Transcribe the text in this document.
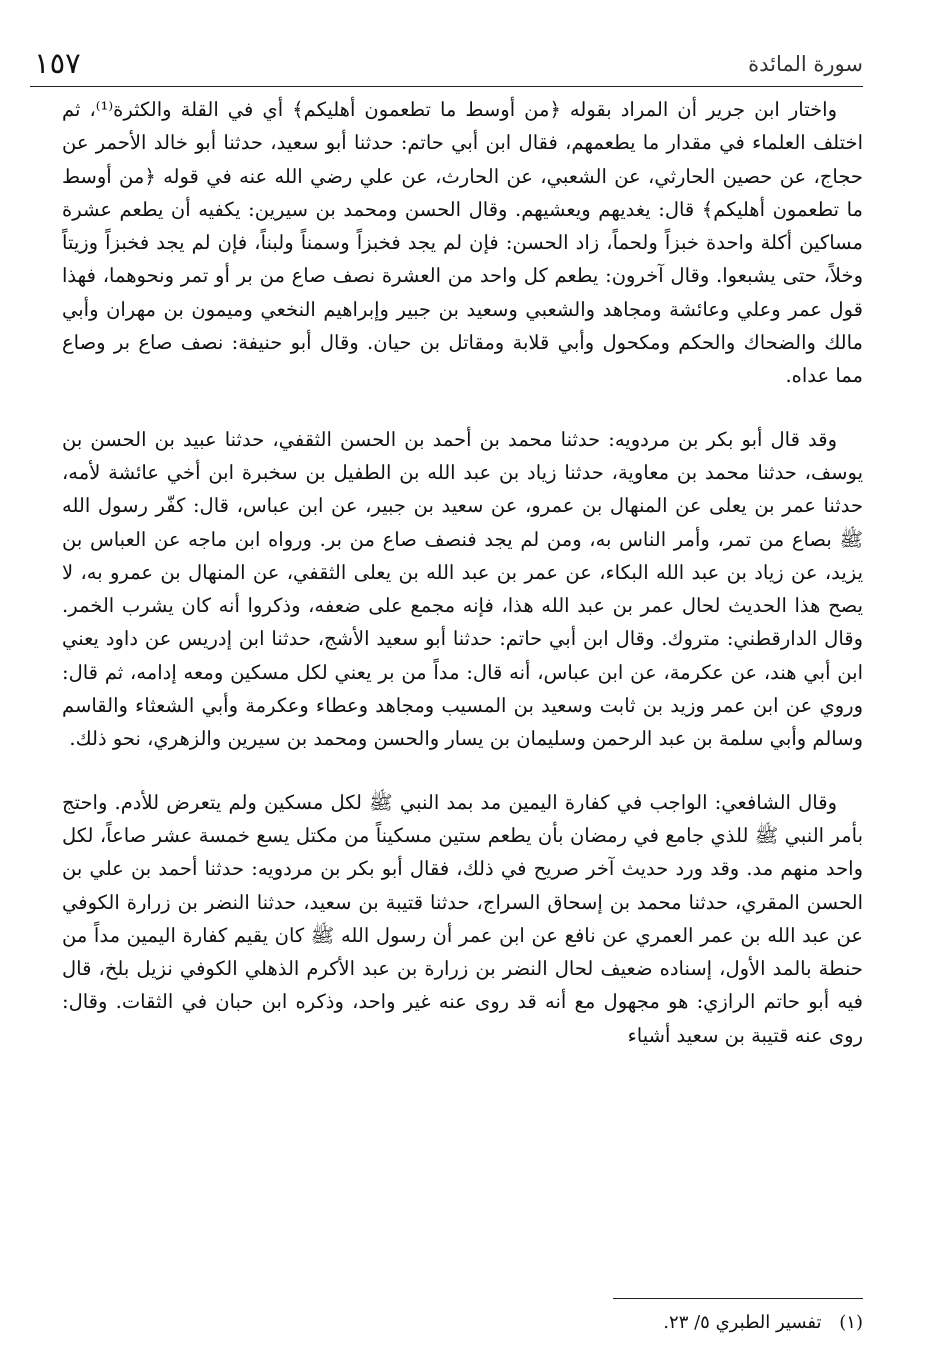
سورة المائدة
١٥٧

واختار ابن جرير أن المراد بقوله ﴿من أوسط ما تطعمون أهليكم﴾ أي في القلة والكثرة⁽¹⁾، ثم اختلف العلماء في مقدار ما يطعمهم، فقال ابن أبي حاتم: حدثنا أبو سعيد، حدثنا أبو خالد الأحمر عن حجاج، عن حصين الحارثي، عن الشعبي، عن الحارث، عن علي رضي الله عنه في قوله ﴿من أوسط ما تطعمون أهليكم﴾ قال: يغديهم ويعشيهم. وقال الحسن ومحمد بن سيرين: يكفيه أن يطعم عشرة مساكين أكلة واحدة خبزاً ولحماً، زاد الحسن: فإن لم يجد فخبزاً وسمناً ولبناً، فإن لم يجد فخبزاً وزيتاً وخلاً، حتى يشبعوا. وقال آخرون: يطعم كل واحد من العشرة نصف صاع من بر أو تمر ونحوهما، فهذا قول عمر وعلي وعائشة ومجاهد والشعبي وسعيد بن جبير وإبراهيم النخعي وميمون بن مهران وأبي مالك والضحاك والحكم ومكحول وأبي قلابة ومقاتل بن حيان. وقال أبو حنيفة: نصف صاع بر وصاع مما عداه.

وقد قال أبو بكر بن مردويه: حدثنا محمد بن أحمد بن الحسن الثقفي، حدثنا عبيد بن الحسن بن يوسف، حدثنا محمد بن معاوية، حدثنا زياد بن عبد الله بن الطفيل بن سخبرة ابن أخي عائشة لأمه، حدثنا عمر بن يعلى عن المنهال بن عمرو، عن سعيد بن جبير، عن ابن عباس، قال: كفّر رسول الله ﷺ بصاع من تمر، وأمر الناس به، ومن لم يجد فنصف صاع من بر. ورواه ابن ماجه عن العباس بن يزيد، عن زياد بن عبد الله البكاء، عن عمر بن عبد الله بن يعلى الثقفي، عن المنهال بن عمرو به، لا يصح هذا الحديث لحال عمر بن عبد الله هذا، فإنه مجمع على ضعفه، وذكروا أنه كان يشرب الخمر. وقال الدارقطني: متروك. وقال ابن أبي حاتم: حدثنا أبو سعيد الأشج، حدثنا ابن إدريس عن داود يعني ابن أبي هند، عن عكرمة، عن ابن عباس، أنه قال: مداً من بر يعني لكل مسكين ومعه إدامه، ثم قال: وروي عن ابن عمر وزيد بن ثابت وسعيد بن المسيب ومجاهد وعطاء وعكرمة وأبي الشعثاء والقاسم وسالم وأبي سلمة بن عبد الرحمن وسليمان بن يسار والحسن ومحمد بن سيرين والزهري، نحو ذلك.

وقال الشافعي: الواجب في كفارة اليمين مد بمد النبي ﷺ لكل مسكين ولم يتعرض للأدم. واحتج بأمر النبي ﷺ للذي جامع في رمضان بأن يطعم ستين مسكيناً من مكتل يسع خمسة عشر صاعاً، لكل واحد منهم مد. وقد ورد حديث آخر صريح في ذلك، فقال أبو بكر بن مردويه: حدثنا أحمد بن علي بن الحسن المقري، حدثنا محمد بن إسحاق السراج، حدثنا قتيبة بن سعيد، حدثنا النضر بن زرارة الكوفي عن عبد الله بن عمر العمري عن نافع عن ابن عمر أن رسول الله ﷺ كان يقيم كفارة اليمين مداً من حنطة بالمد الأول، إسناده ضعيف لحال النضر بن زرارة بن عبد الأكرم الذهلي الكوفي نزيل بلخ، قال فيه أبو حاتم الرازي: هو مجهول مع أنه قد روى عنه غير واحد، وذكره ابن حبان في الثقات. وقال: روى عنه قتيبة بن سعيد أشياء

(١) تفسير الطبري ٥/ ٢٣.
